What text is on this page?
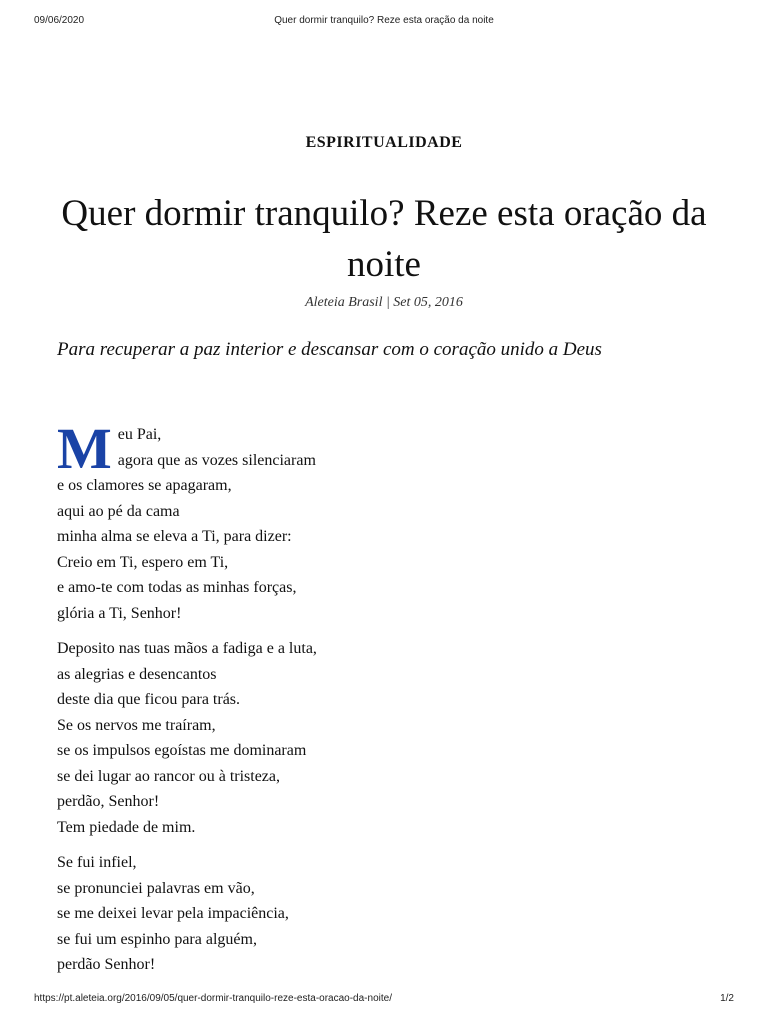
09/06/2020	Quer dormir tranquilo? Reze esta oração da noite
ESPIRITUALIDADE
Quer dormir tranquilo? Reze esta oração da noite
Aleteia Brasil | Set 05, 2016

Para recuperar a paz interior e descansar com o coração unido a Deus

M eu Pai,
agora que as vozes silenciaram
e os clamores se apagaram,
aqui ao pé da cama
minha alma se eleva a Ti, para dizer:
Creio em Ti, espero em Ti,
e amo-te com todas as minhas forças,
glória a Ti, Senhor!
Deposito nas tuas mãos a fadiga e a luta,
as alegrias e desencantos
deste dia que ficou para trás.
Se os nervos me traíram,
se os impulsos egoístas me dominaram
se dei lugar ao rancor ou à tristeza,
perdão, Senhor!
Tem piedade de mim.
Se fui infiel,
se pronunciei palavras em vão,
se me deixei levar pela impaciência,
se fui um espinho para alguém,
perdão Senhor!
https://pt.aleteia.org/2016/09/05/quer-dormir-tranquilo-reze-esta-oracao-da-noite/	1/2
